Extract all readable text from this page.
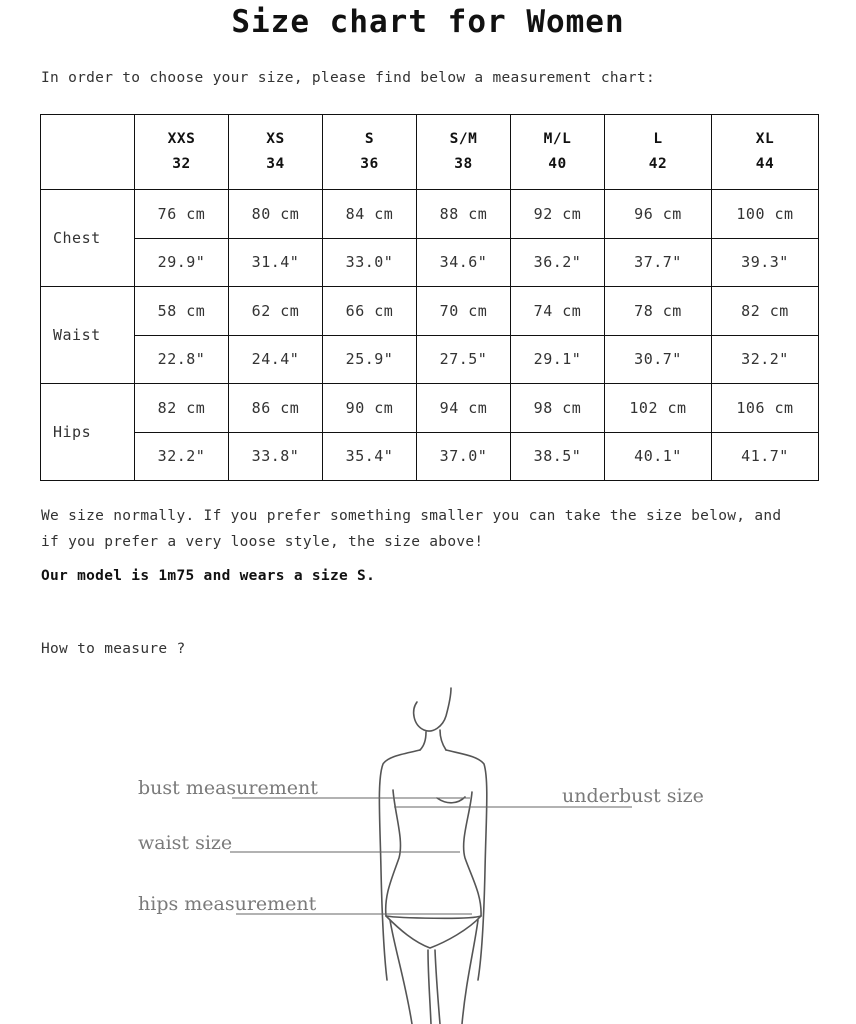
Size chart for Women
In order to choose your size, please find below a measurement chart:
	XXS
32	XS
34	S
36	S/M
38	M/L
40	L
42	XL
44
Chest	76 cm	80 cm	84 cm	88 cm	92 cm	96 cm	100 cm
	29.9"	31.4"	33.0"	34.6"	36.2"	37.7"	39.3"
Waist	58 cm	62 cm	66 cm	70 cm	74 cm	78 cm	82 cm
	22.8"	24.4"	25.9"	27.5"	29.1"	30.7"	32.2"
Hips	82 cm	86 cm	90 cm	94 cm	98 cm	102 cm	106 cm
	32.2"	33.8"	35.4"	37.0"	38.5"	40.1"	41.7"
We size normally. If you prefer something smaller you can take the size below, and if you prefer a very loose style, the size above!
Our model is 1m75 and wears a size S.
How to measure ?
bust measurement	underbust size
waist size
hips measurement
